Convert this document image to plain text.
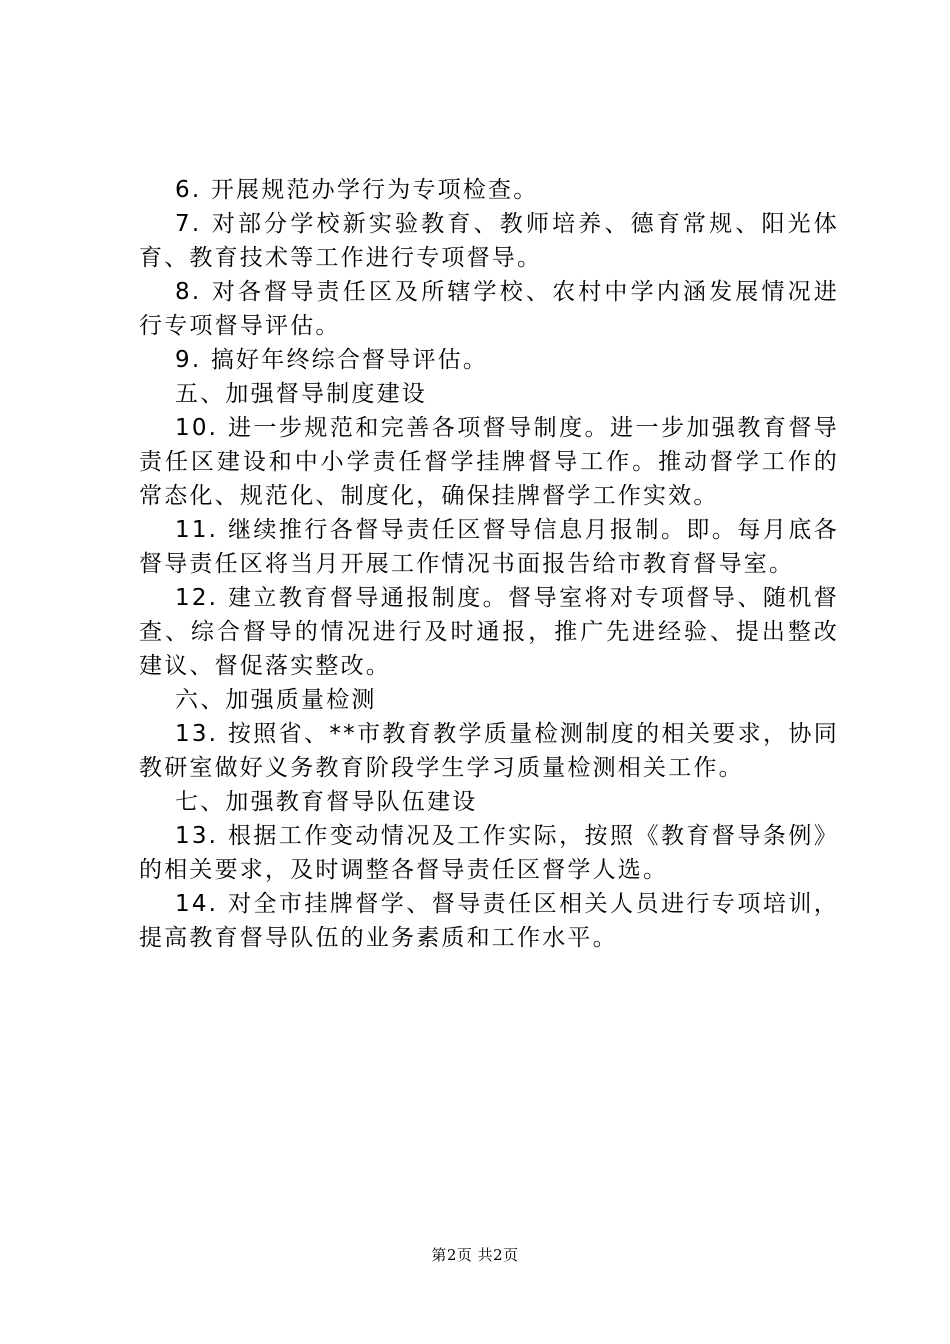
6. 开展规范办学行为专项检查。

7. 对部分学校新实验教育、教师培养、德育常规、阳光体育、教育技术等工作进行专项督导。

8. 对各督导责任区及所辖学校、农村中学内涵发展情况进行专项督导评估。

9. 搞好年终综合督导评估。

五、加强督导制度建设

10. 进一步规范和完善各项督导制度。进一步加强教育督导责任区建设和中小学责任督学挂牌督导工作。推动督学工作的常态化、规范化、制度化，确保挂牌督学工作实效。

11. 继续推行各督导责任区督导信息月报制。即。每月底各督导责任区将当月开展工作情况书面报告给市教育督导室。

12. 建立教育督导通报制度。督导室将对专项督导、随机督查、综合督导的情况进行及时通报，推广先进经验、提出整改建议、督促落实整改。

六、加强质量检测

13. 按照省、**市教育教学质量检测制度的相关要求，协同教研室做好义务教育阶段学生学习质量检测相关工作。

七、加强教育督导队伍建设

13. 根据工作变动情况及工作实际，按照《教育督导条例》的相关要求，及时调整各督导责任区督学人选。

14. 对全市挂牌督学、督导责任区相关人员进行专项培训，提高教育督导队伍的业务素质和工作水平。

第2页 共2页
